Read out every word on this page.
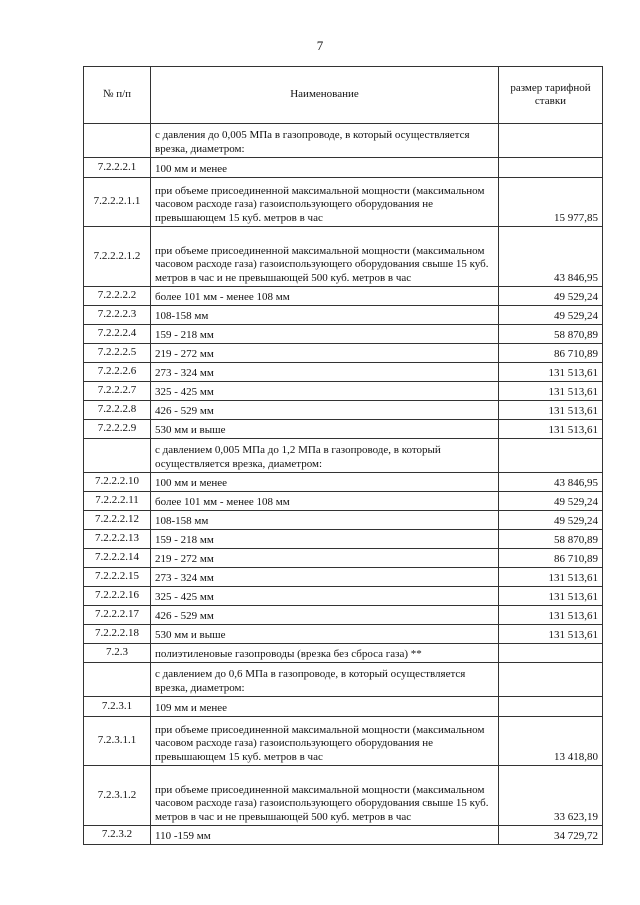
7
№ п/п	Наименование	размер тарифной ставки
	с давления до 0,005 МПа в газопроводе, в который осуществляется врезка, диаметром:	
7.2.2.2.1	100 мм и менее	
7.2.2.2.1.1	при объеме присоединенной максимальной мощности (максимальном часовом расходе газа) газоиспользующего оборудования не превышающем 15 куб. метров в час	15 977,85
7.2.2.2.1.2	при объеме присоединенной максимальной мощности (максимальном часовом расходе газа) газоиспользующего оборудования свыше 15 куб. метров в час и не превышающей 500 куб. метров в час	43 846,95
7.2.2.2.2	более 101 мм - менее 108 мм	49 529,24
7.2.2.2.3	108-158 мм	49 529,24
7.2.2.2.4	159 - 218 мм	58 870,89
7.2.2.2.5	219 - 272 мм	86 710,89
7.2.2.2.6	273 - 324 мм	131 513,61
7.2.2.2.7	325 - 425 мм	131 513,61
7.2.2.2.8	426 - 529 мм	131 513,61
7.2.2.2.9	530 мм и выше	131 513,61
	с давлением 0,005 МПа до 1,2 МПа в газопроводе, в который осуществляется врезка, диаметром:	
7.2.2.2.10	100 мм и менее	43 846,95
7.2.2.2.11	более 101 мм - менее 108 мм	49 529,24
7.2.2.2.12	108-158 мм	49 529,24
7.2.2.2.13	159 - 218 мм	58 870,89
7.2.2.2.14	219 - 272 мм	86 710,89
7.2.2.2.15	273 - 324 мм	131 513,61
7.2.2.2.16	325 - 425 мм	131 513,61
7.2.2.2.17	426 - 529 мм	131 513,61
7.2.2.2.18	530 мм и выше	131 513,61
7.2.3	полиэтиленовые газопроводы (врезка без сброса газа) **	
	с давлением до 0,6 МПа в газопроводе, в который осуществляется врезка, диаметром:	
7.2.3.1	109 мм и менее	
7.2.3.1.1	при объеме присоединенной максимальной мощности (максимальном часовом расходе газа) газоиспользующего оборудования не превышающем 15 куб. метров в час	13 418,80
7.2.3.1.2	при объеме присоединенной максимальной мощности (максимальном часовом расходе газа) газоиспользующего оборудования свыше 15 куб. метров в час и не превышающей 500 куб. метров в час	33 623,19
7.2.3.2	110 -159 мм	34 729,72
